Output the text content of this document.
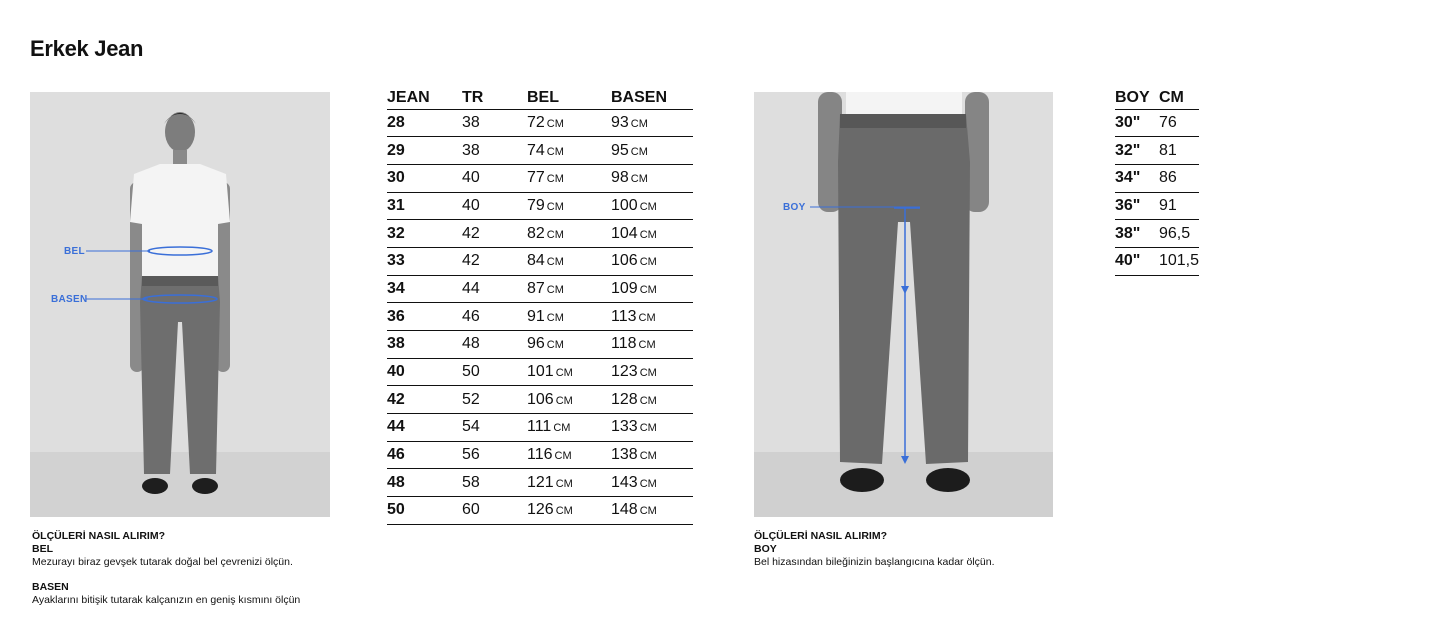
Erkek Jean
BEL
BASEN
JEAN	TR	BEL	BASEN
28	38	72 CM	93 CM
29	38	74 CM	95 CM
30	40	77 CM	98 CM
31	40	79 CM	100 CM
32	42	82 CM	104 CM
33	42	84 CM	106 CM
34	44	87 CM	109 CM
36	46	91 CM	113 CM
38	48	96 CM	118 CM
40	50	101 CM	123 CM
42	52	106 CM	128 CM
44	54	111 CM	133 CM
46	56	116 CM	138 CM
48	58	121 CM	143 CM
50	60	126 CM	148 CM
BOY
BOY	CM
30"	76
32"	81
34"	86
36"	91
38"	96,5
40"	101,5
ÖLÇÜLERİ NASIL ALIRIM?
BEL
Mezurayı biraz gevşek tutarak doğal bel çevrenizi ölçün.
BASEN
Ayaklarını bitişik tutarak kalçanızın en geniş kısmını ölçün
ÖLÇÜLERİ NASIL ALIRIM?
BOY
Bel hizasından bileğinizin başlangıcına kadar ölçün.
